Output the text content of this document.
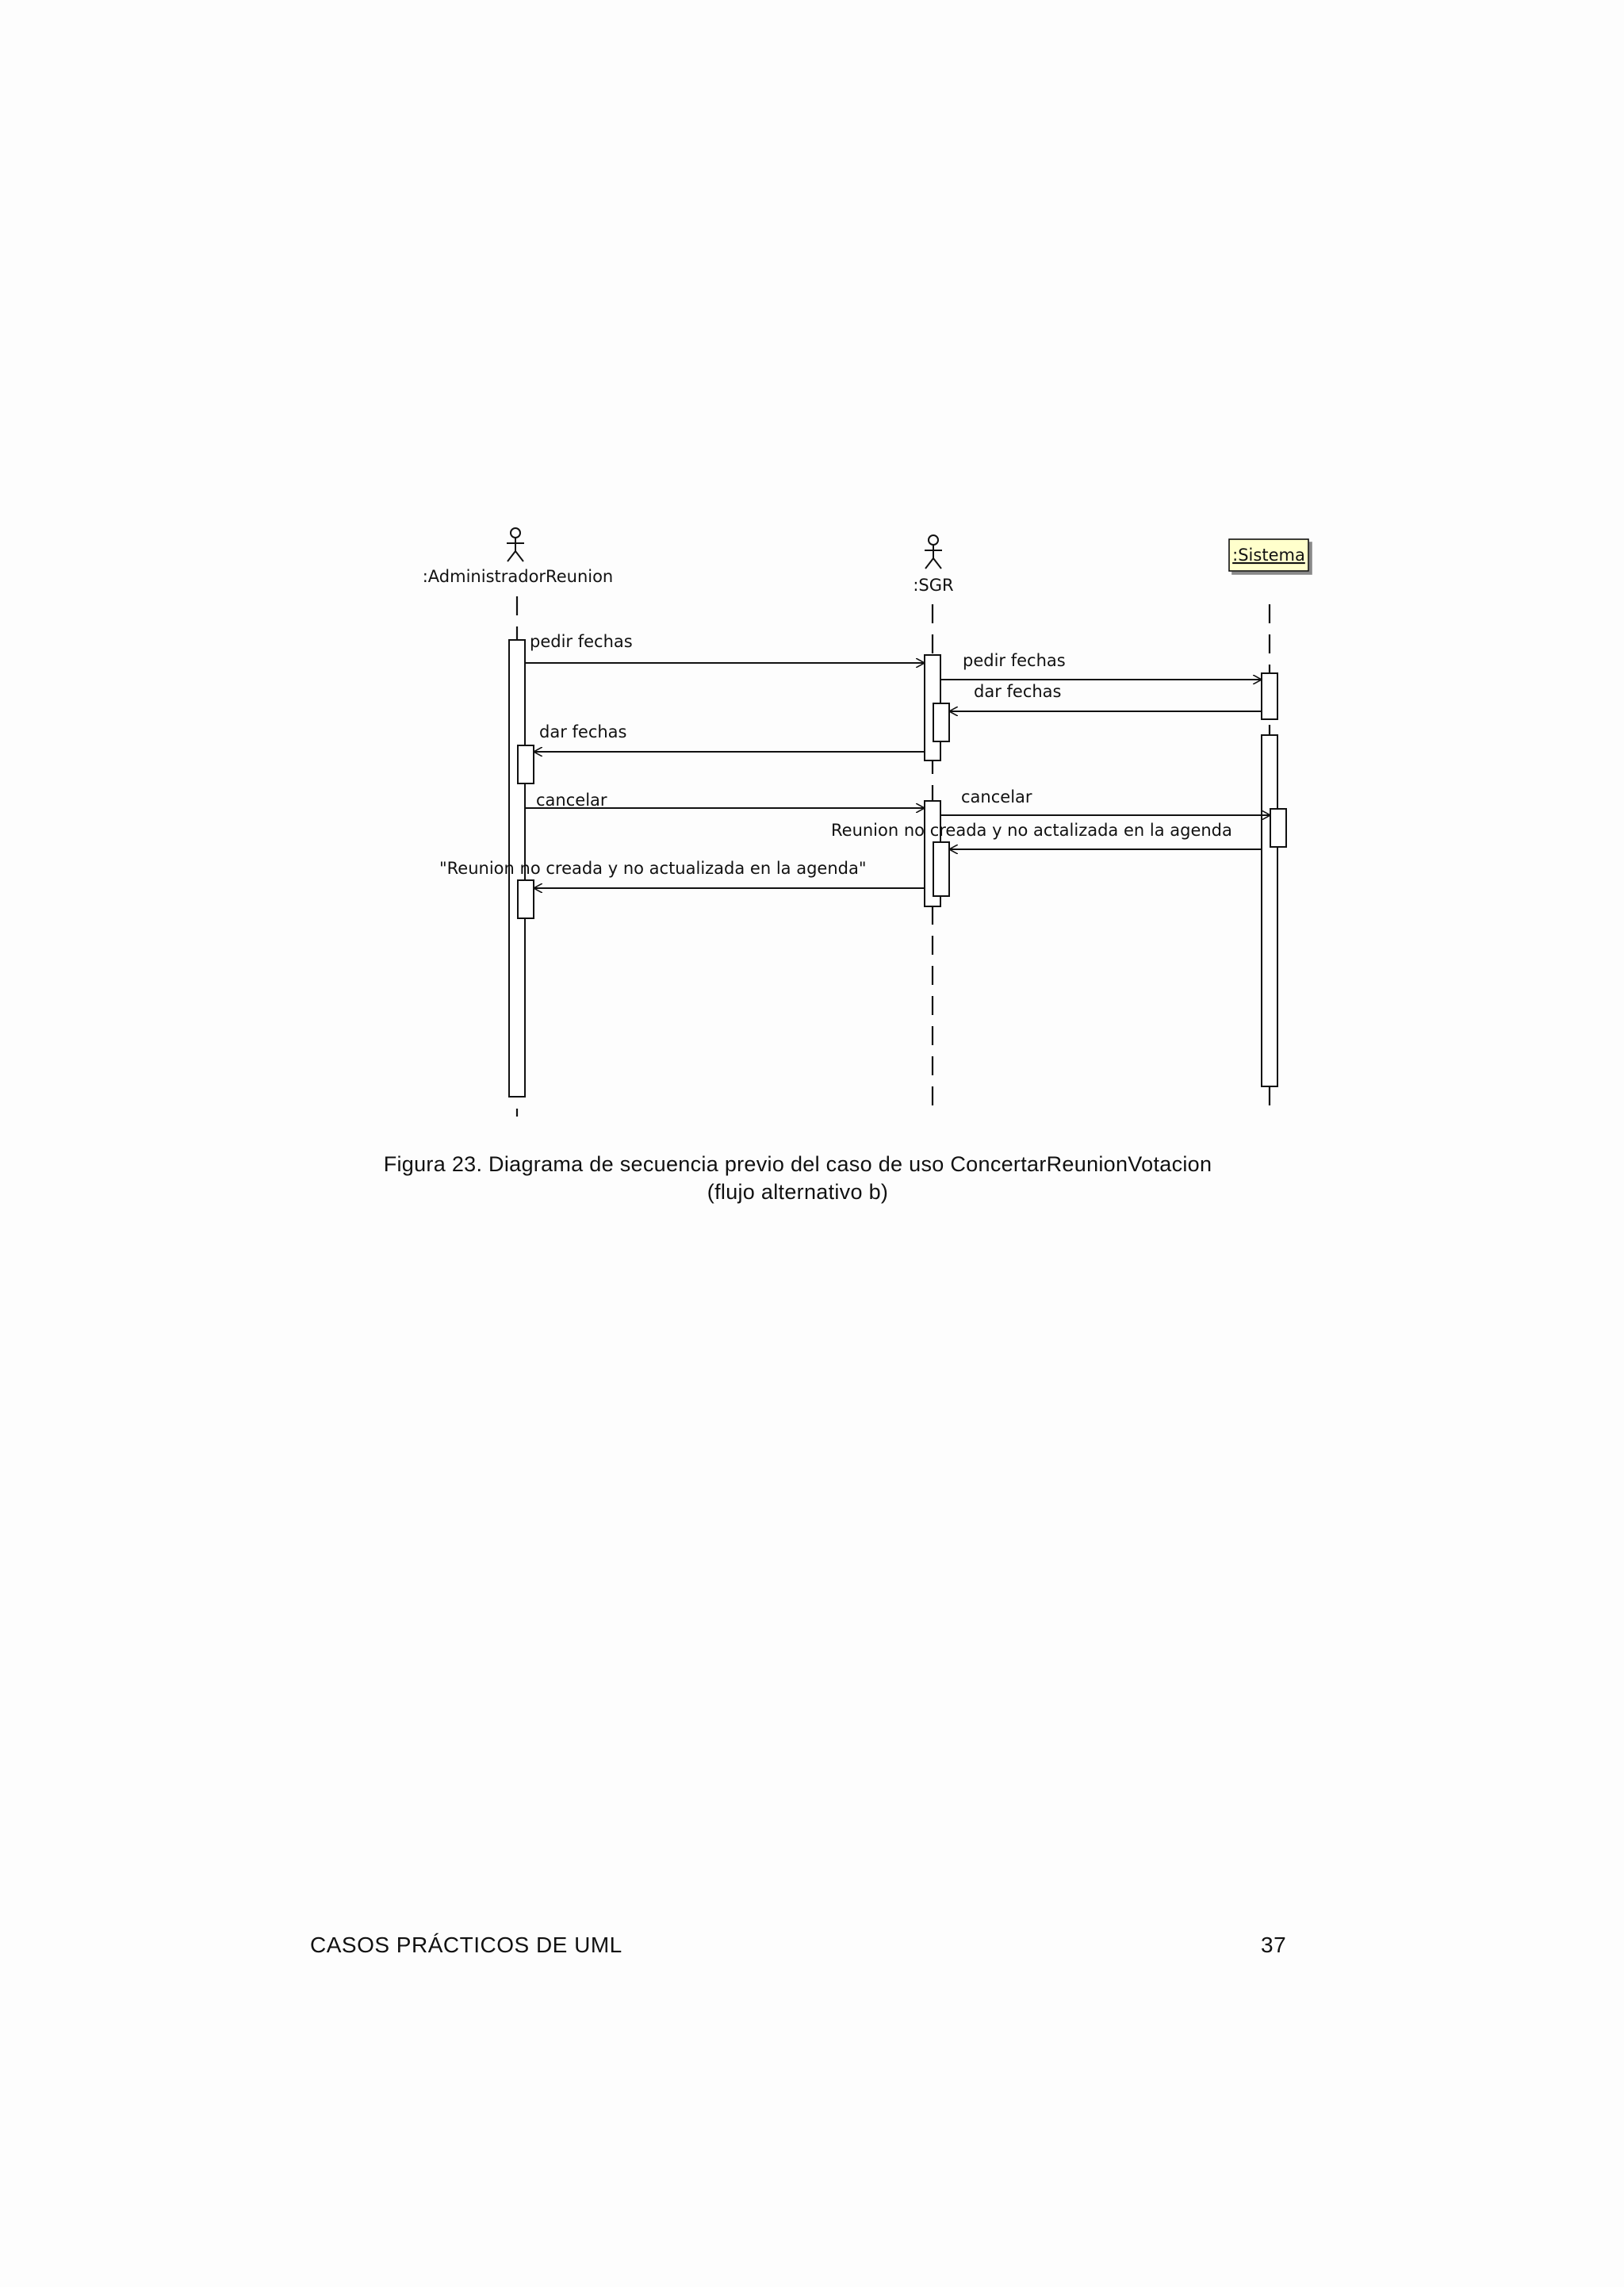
:AdministradorReunion	:SGR
:Sistema
pedir fechas
pedir fechas
dar fechas
dar fechas
cancelar	cancelar
Reunion no creada y no actalizada en la agenda
"Reunion no creada y no actualizada en la agenda"
Figura 23. Diagrama de secuencia previo del caso de uso ConcertarReunionVotacion
(flujo alternativo b)
CASOS PRÁCTICOS DE UML	37
